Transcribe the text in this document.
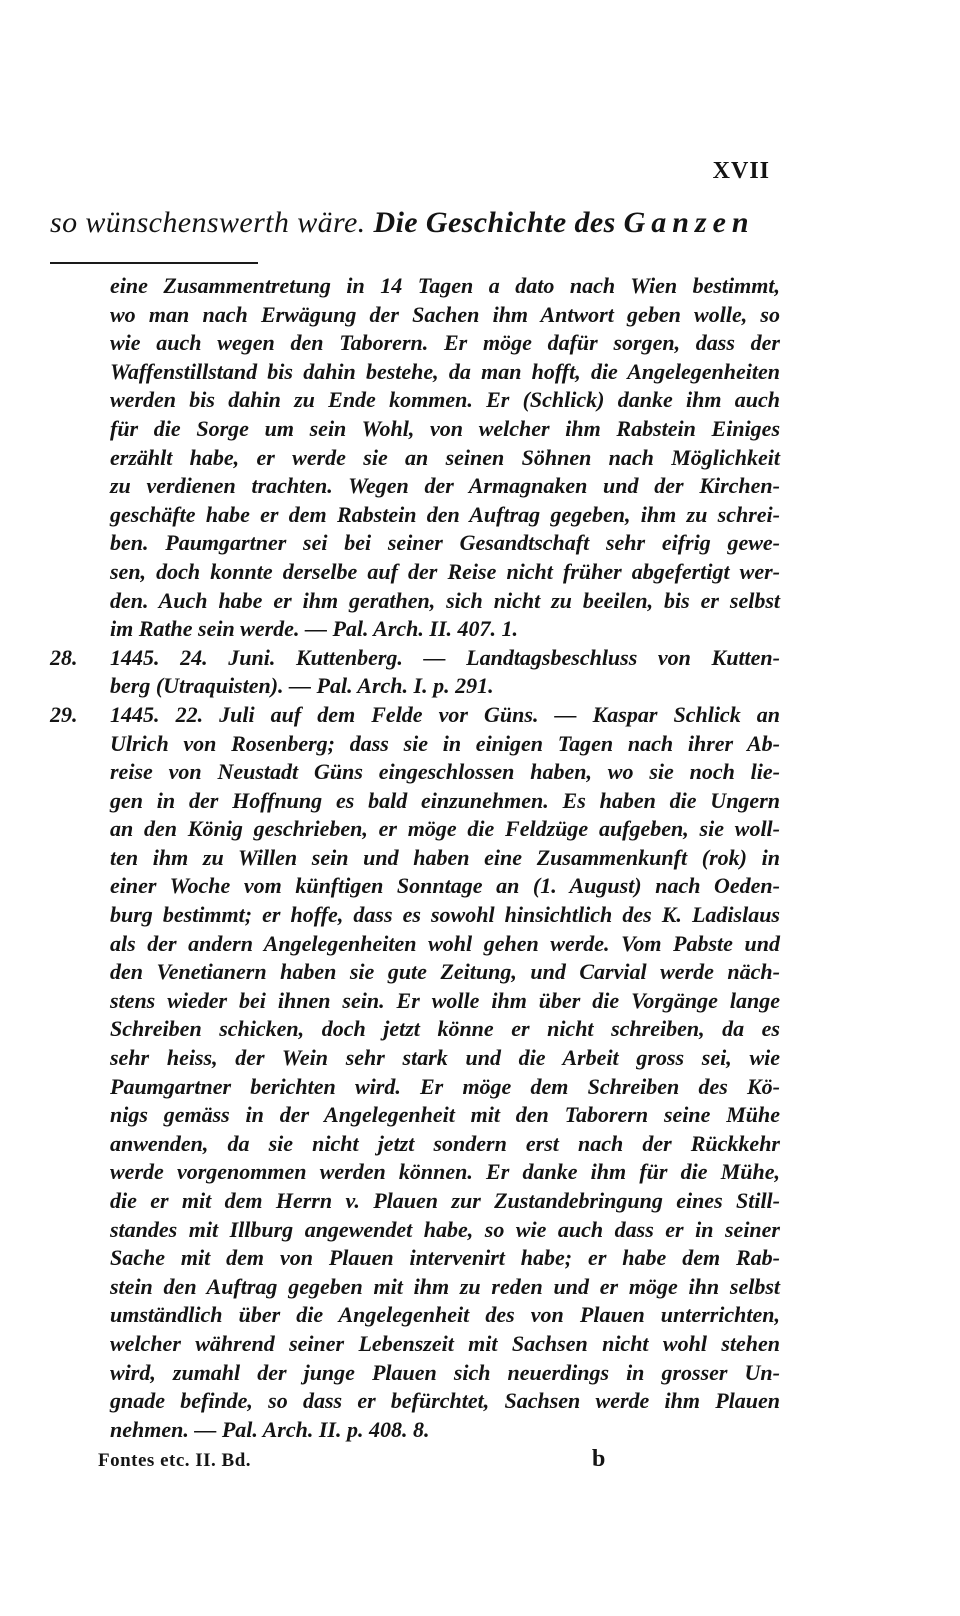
XVII
so wünschenswerth wäre. Die Geschichte des Ganzen
eine Zusammentretung in 14 Tagen a dato nach Wien bestimmt,
wo man nach Erwägung der Sachen ihm Antwort geben wolle, so
wie auch wegen den Taborern. Er möge dafür sorgen, dass der
Waffenstillstand bis dahin bestehe, da man hofft, die Angelegenheiten
werden bis dahin zu Ende kommen. Er (Schlick) danke ihm auch
für die Sorge um sein Wohl, von welcher ihm Rabstein Einiges
erzählt habe, er werde sie an seinen Söhnen nach Möglichkeit
zu verdienen trachten. Wegen der Armagnaken und der Kirchen-
geschäfte habe er dem Rabstein den Auftrag gegeben, ihm zu schrei-
ben. Paumgartner sei bei seiner Gesandtschaft sehr eifrig gewe-
sen, doch konnte derselbe auf der Reise nicht früher abgefertigt wer-
den. Auch habe er ihm gerathen, sich nicht zu beeilen, bis er selbst
im Rathe sein werde. — Pal. Arch. II. 407. 1.
28. 1445. 24. Juni. Kuttenberg. — Landtagsbeschluss von Kutten-
berg (Utraquisten). — Pal. Arch. I. p. 291.
29. 1445. 22. Juli auf dem Felde vor Güns. — Kaspar Schlick an
Ulrich von Rosenberg; dass sie in einigen Tagen nach ihrer Ab-
reise von Neustadt Güns eingeschlossen haben, wo sie noch lie-
gen in der Hoffnung es bald einzunehmen. Es haben die Ungern
an den König geschrieben, er möge die Feldzüge aufgeben, sie woll-
ten ihm zu Willen sein und haben eine Zusammenkunft (rok) in
einer Woche vom künftigen Sonntage an (1. August) nach Oeden-
burg bestimmt; er hoffe, dass es sowohl hinsichtlich des K. Ladislaus
als der andern Angelegenheiten wohl gehen werde. Vom Pabste und
den Venetianern haben sie gute Zeitung, und Carvial werde näch-
stens wieder bei ihnen sein. Er wolle ihm über die Vorgänge lange
Schreiben schicken, doch jetzt könne er nicht schreiben, da es
sehr heiss, der Wein sehr stark und die Arbeit gross sei, wie
Paumgartner berichten wird. Er möge dem Schreiben des Kö-
nigs gemäss in der Angelegenheit mit den Taborern seine Mühe
anwenden, da sie nicht jetzt sondern erst nach der Rückkehr
werde vorgenommen werden können. Er danke ihm für die Mühe,
die er mit dem Herrn v. Plauen zur Zustandebringung eines Still-
standes mit Illburg angewendet habe, so wie auch dass er in seiner
Sache mit dem von Plauen intervenirt habe; er habe dem Rab-
stein den Auftrag gegeben mit ihm zu reden und er möge ihn selbst
umständlich über die Angelegenheit des von Plauen unterrichten,
welcher während seiner Lebenszeit mit Sachsen nicht wohl stehen
wird, zumahl der junge Plauen sich neuerdings in grosser Un-
gnade befinde, so dass er befürchtet, Sachsen werde ihm Plauen
nehmen. — Pal. Arch. II. p. 408. 8.
Fontes etc. II. Bd.	b
